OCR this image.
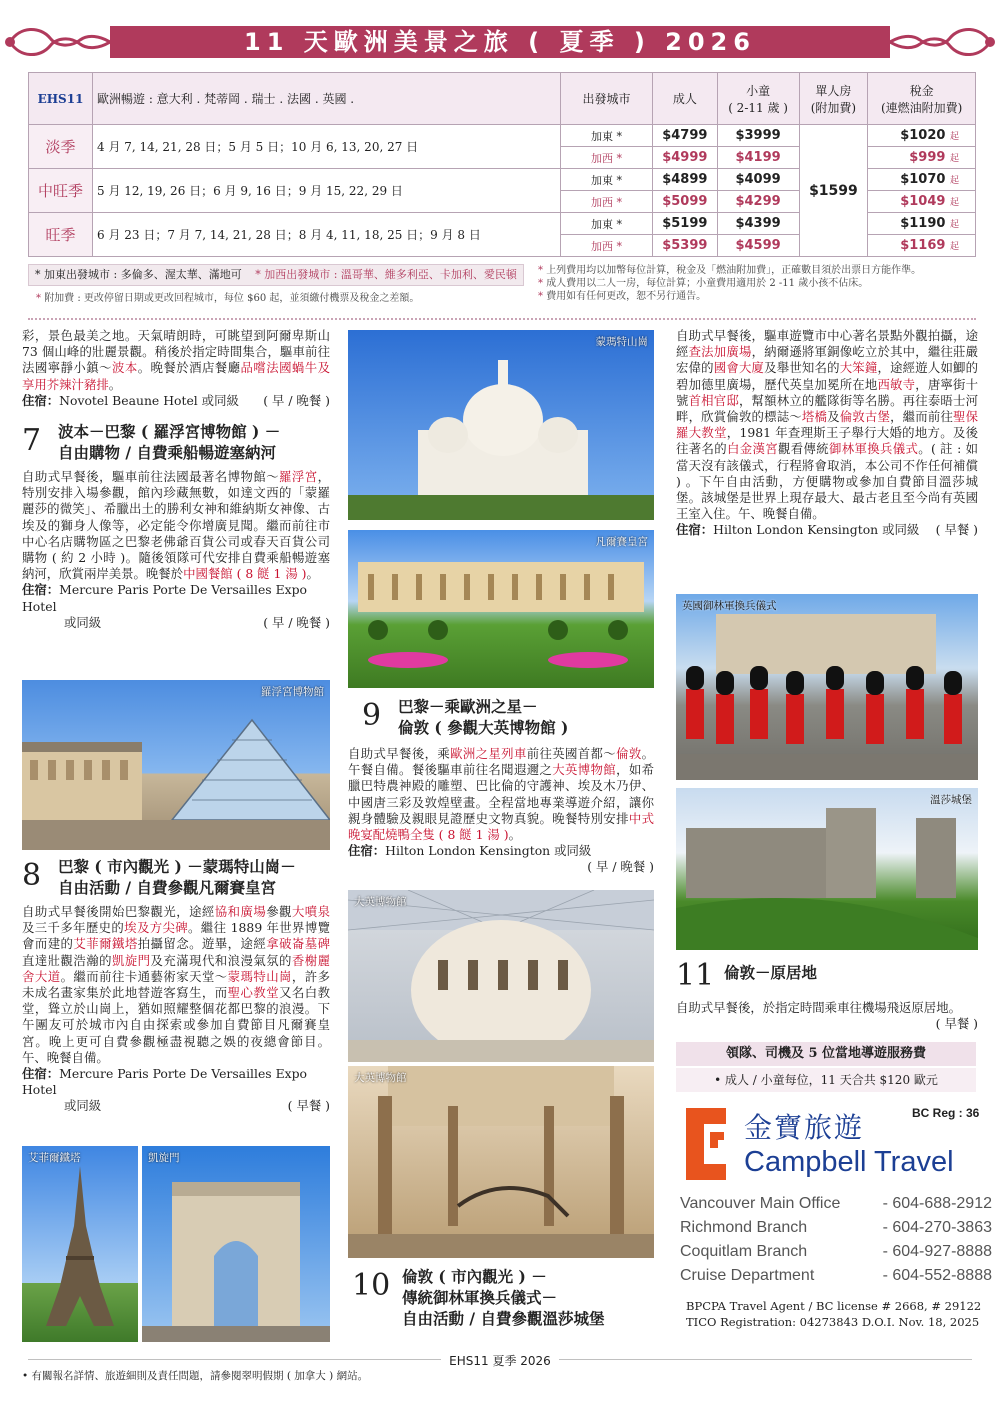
11 天歐洲美景之旅 ( 夏季 ) 2026
EHS11	歐洲暢遊 : 意大利 . 梵蒂岡 . 瑞士 . 法國 . 英國 .	出發城市	成人	小童
( 2-11 歲 )	單人房
(附加費)	稅金
(連燃油附加費)
淡季	4 月 7, 14, 21, 28 日；5 月 5 日；10 月 6, 13, 20, 27 日	加東 *	$4799	$3999	$1599	$1020 起
		加西 *	$4999	$4199		$999 起
中旺季	5 月 12, 19, 26 日；6 月 9, 16 日；9 月 15, 22, 29 日	加東 *	$4899	$4099		$1070 起
		加西 *	$5099	$4299		$1049 起
旺季	6 月 23 日；7 月 7, 14, 21, 28 日；8 月 4, 11, 18, 25 日；9 月 8 日	加東 *	$5199	$4399		$1190 起
		加西 *	$5399	$4599		$1169 起
* 加東出發城市 : 多倫多、渥太華、滿地可 * 加西出發城市 : 溫哥華、維多利亞、卡加利、愛民頓
* 附加費 : 更改停留日期或更改回程城市，每位 $60 起，並須繳付機票及稅金之差額。
* 上列費用均以加幣每位計算，稅金及「燃油附加費」，正確數目須於出票日方能作準。
* 成人費用以二人一房，每位計算；小童費用適用於 2 -11 歲小孩不佔床。
* 費用如有任何更改，恕不另行通告。

彩，景色最美之地。天氣晴朗時，可眺望到阿爾卑斯山 73 個山峰的壯麗景觀。稍後於指定時間集合，驅車前往法國寧靜小鎮～波本。晚餐於酒店餐廳品嚐法國蝸牛及享用芥辣汁豬排。

住宿：Novotel Beaune Hotel 或同級 ( 早 / 晚餐 )

7	波本－巴黎 ( 羅浮宮博物館 ) －
自由購物 / 自費乘船暢遊塞納河

自助式早餐後，驅車前往法國最著名博物館～羅浮宮，特別安排入場參觀，館內珍藏無數，如達文西的「蒙羅麗莎的微笑」、希臘出土的勝利女神和維納斯女神像、古埃及的獅身人像等，必定能令你增廣見聞。繼而前往市中心名店購物區之巴黎老佛爺百貨公司或春天百貨公司購物 ( 約 2 小時 )。隨後領隊可代安排自費乘船暢遊塞納河，欣賞兩岸美景。晚餐於中國餐館 ( 8 餸 1 湯 )。

住宿：Mercure Paris Porte De Versailles Expo Hotel

或同級	( 早 / 晚餐 )

羅浮宮博物館
8	巴黎 ( 市內觀光 ) －蒙瑪特山崗－
自由活動 / 自費參觀凡爾賽皇宮

自助式早餐後開始巴黎觀光，途經協和廣場參觀大噴泉及三千多年歷史的埃及方尖碑。繼往 1889 年世界博覽會而建的艾菲爾鐵塔拍攝留念。遊畢，途經拿破崙墓碑直達壯觀浩瀚的凱旋門及充滿現代和浪漫氣氛的香榭麗舍大道。繼而前往卡通藝術家天堂～蒙瑪特山崗，許多未成名畫家集於此地替遊客寫生，而聖心教堂又名白教堂，聳立於山崗上，猶如照耀整個花都巴黎的浪漫。下午團友可於城市內自由探索或參加自費節目凡爾賽皇宮。晚上更可自費參觀極盡視聽之娛的夜總會節目。午、晚餐自備。

住宿：Mercure Paris Porte De Versailles Expo Hotel

或同級	( 早餐 )

艾菲爾鐵塔	凱旋門
蒙瑪特山崗
凡爾賽皇宮
9	巴黎－乘歐洲之星－
倫敦 ( 參觀大英博物館 )

自助式早餐後，乘歐洲之星列車前往英國首都～倫敦。午餐自備。餐後驅車前往名聞遐邇之大英博物館，如希臘巴特農神殿的雕塑、巴比倫的守護神、埃及木乃伊、中國唐三彩及敦煌壁畫。全程當地專業導遊介紹，讓你親身體驗及親眼見證歷史文物真貌。晚餐特別安排中式晚宴配燒鴨全隻 ( 8 餸 1 湯 )。

住宿：Hilton London Kensington 或同級
( 早 / 晚餐 )

大英博物館
大英博物館
10 倫敦 ( 市內觀光 ) －
傳統御林軍換兵儀式－
自由活動 / 自費參觀溫莎城堡

自助式早餐後，驅車遊覽市中心著名景點外觀拍攝，途經查法加廣場，納爾遜將軍銅像屹立於其中，繼往莊嚴宏偉的國會大廈及舉世知名的大笨鐘，途經遊人如鯽的碧加德里廣場，歷代英皇加冕所在地西敏寺，唐寧街十號首相官邸，幫額林立的艦隊街等名勝。再往泰晤士河畔，欣賞倫敦的標誌～塔橋及倫敦古堡，繼而前往聖保羅大教堂，1981 年查理斯王子舉行大婚的地方。及後往著名的白金漢宮觀看傳統御林軍換兵儀式。( 註 : 如當天沒有該儀式，行程將會取消，本公司不作任何補償 ) 。下午自由活動，方便購物或參加自費節目溫莎城堡。該城堡是世界上現存最大、最古老且至今尚有英國王室入住。午、晚餐自備。

住宿：Hilton London Kensington 或同級 ( 早餐 )

英國御林軍換兵儀式
溫莎城堡
11 倫敦－原居地

自助式早餐後，於指定時間乘車往機場飛返原居地。
( 早餐 )

領隊、司機及 5 位當地導遊服務費
• 成人 / 小童每位，11 天合共 $120 歐元
BC Reg : 36
金寶旅遊
Campbell Travel
Vancouver Main Office	- 604-688-2912
Richmond Branch	- 604-270-3863
Coquitlam Branch	- 604-927-8888
Cruise Department	- 604-552-8888
BPCPA Travel Agent / BC license # 2668, # 29122
TICO Registration: 04273843 D.O.I. Nov. 18, 2025
EHS11 夏季 2026
• 有關報名詳情、旅遊細則及責任問題，請參閱翠明假期 ( 加拿大 ) 網站。
